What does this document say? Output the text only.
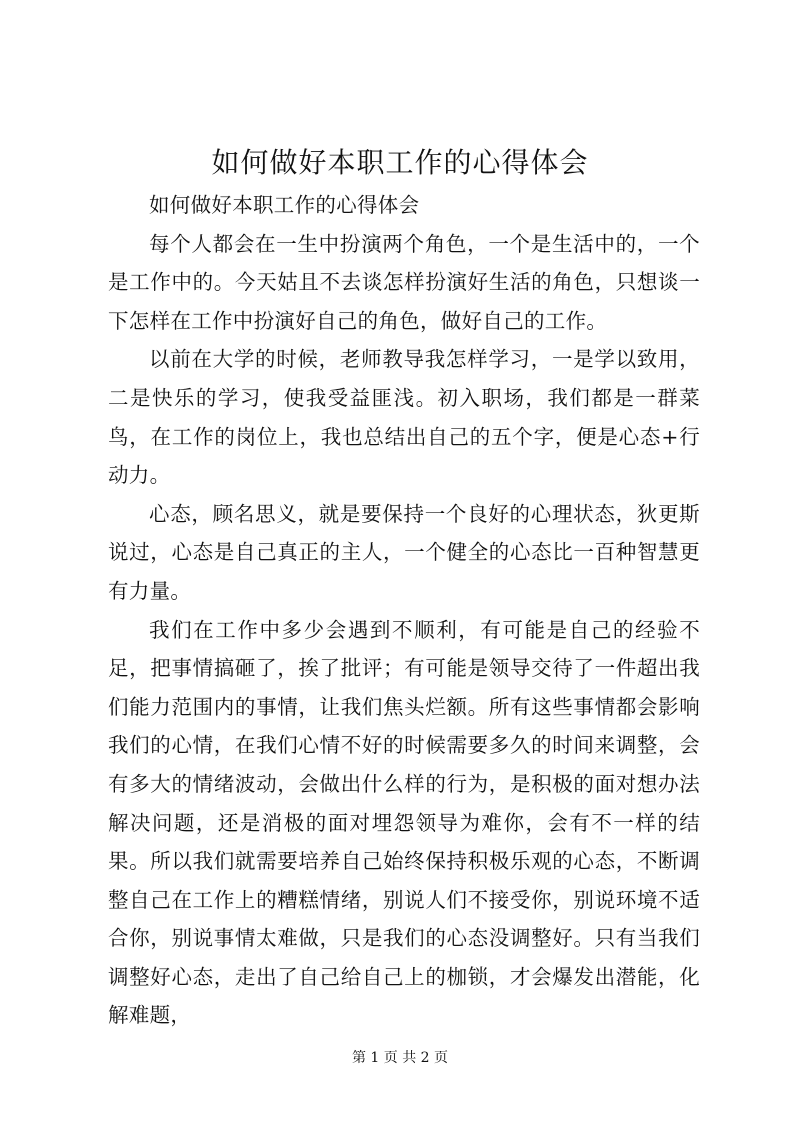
如何做好本职工作的心得体会

如何做好本职工作的心得体会

每个人都会在一生中扮演两个角色，一个是生活中的，一个是工作中的。今天姑且不去谈怎样扮演好生活的角色，只想谈一下怎样在工作中扮演好自己的角色，做好自己的工作。

以前在大学的时候，老师教导我怎样学习，一是学以致用，二是快乐的学习，使我受益匪浅。初入职场，我们都是一群菜鸟，在工作的岗位上，我也总结出自己的五个字，便是心态+行动力。

心态，顾名思义，就是要保持一个良好的心理状态，狄更斯说过，心态是自己真正的主人，一个健全的心态比一百种智慧更有力量。

我们在工作中多少会遇到不顺利，有可能是自己的经验不足，把事情搞砸了，挨了批评；有可能是领导交待了一件超出我们能力范围内的事情，让我们焦头烂额。所有这些事情都会影响我们的心情，在我们心情不好的时候需要多久的时间来调整，会有多大的情绪波动，会做出什么样的行为，是积极的面对想办法解决问题，还是消极的面对埋怨领导为难你，会有不一样的结果。所以我们就需要培养自己始终保持积极乐观的心态，不断调整自己在工作上的糟糕情绪，别说人们不接受你，别说环境不适合你，别说事情太难做，只是我们的心态没调整好。只有当我们调整好心态，走出了自己给自己上的枷锁，才会爆发出潜能，化解难题，

第 1 页 共 2 页
